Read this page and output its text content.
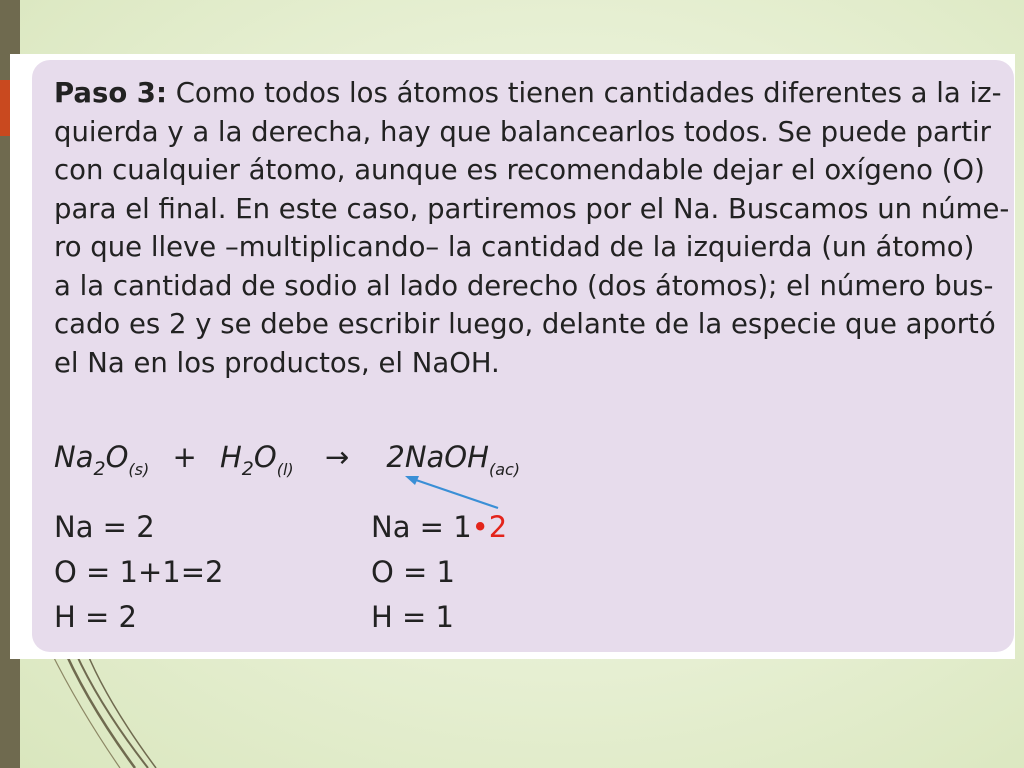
Paso 3: Como todos los átomos tienen cantidades diferentes a la iz-
quierda y a la derecha, hay que balancearlos todos. Se puede partir
con cualquier átomo, aunque es recomendable dejar el oxígeno (O)
para el final. En este caso, partiremos por el Na. Buscamos un núme-
ro que lleve –multiplicando– la cantidad de la izquierda (un átomo)
a la cantidad de sodio al lado derecho (dos átomos); el número bus-
cado es 2 y se debe escribir luego, delante de la especie que aportó
el Na en los productos, el NaOH.
$Na_2O_{(s)} + H_2O_{(l)}$ → 2NaOH$_{(ac)}$
Na = 2
O = 1+1=2
H = 2
Na = 1•2
O = 1
H = 1
